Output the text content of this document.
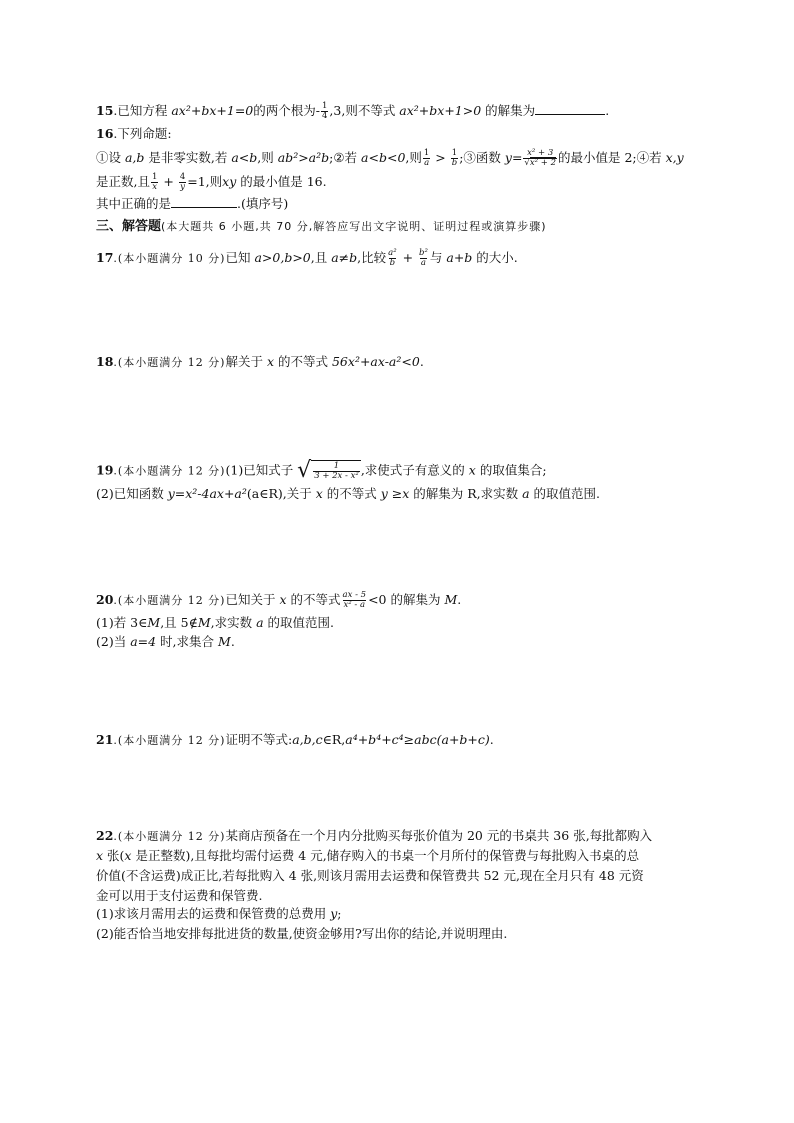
15.已知方程 ax²+bx+1=0的两个根为- $\frac{1}{4} ,3$,则不等式 ax²+bx+1>0 的解集为	.
16.下列命题:
①设 a,b 是非零实数,若 a<b,则 ab²>a²b;②若 a<b<0,则 $\frac{1}{a} > \frac{1}{b}$ ;③函数 $y= \frac{\text{x² + 3}}{\text{√x² + 2}}$ 的最小值是 2;④若 x,y
是正数,且 $\frac{1}{x} + \frac{4}{y} =1$,则xy 的最小值是 16.
其中正确的是	.(填序号)
三、解答题(本大题共 6 小题,共 70 分,解答应写出文字说明、证明过程或演算步骤)
17.(本小题满分 10 分)已知 a>0,b>0,且 a≠b,比较 $\frac{\text{a²}}{b} + \frac{\text{b²}}{a}$ 与 a+b 的大小.
18.(本小题满分 12 分)解关于 x 的不等式 56x²+ax-a²<0.
19.(本小题满分 12 分)(1)已知式子 √ $\frac{1}{\text{3 + 2x - x²}}$ ,求使式子有意义的 x 的取值集合;
(2)已知函数 y=x²-4ax+a²(a∈R),关于 x 的不等式 y ≥x 的解集为 R,求实数 a 的取值范围.
20.(本小题满分 12 分)已知关于 x 的不等式 $\frac{ax - 5}{\text{x² - a}} <0$ 的解集为 M.
(1)若 3∈M,且 5∉M,求实数 a 的取值范围.
(2)当 a=4 时,求集合 M.
21.(本小题满分 12 分)证明不等式:a,b,c∈R,a⁴+b⁴+c⁴≥abc(a+b+c).
22.(本小题满分 12 分)某商店预备在一个月内分批购买每张价值为 20 元的书桌共 36 张,每批都购入
x 张(x 是正整数),且每批均需付运费 4 元,储存购入的书桌一个月所付的保管费与每批购入书桌的总
价值(不含运费)成正比,若每批购入 4 张,则该月需用去运费和保管费共 52 元,现在全月只有 48 元资
金可以用于支付运费和保管费.
(1)求该月需用去的运费和保管费的总费用 y;
(2)能否恰当地安排每批进货的数量,使资金够用?写出你的结论,并说明理由.
